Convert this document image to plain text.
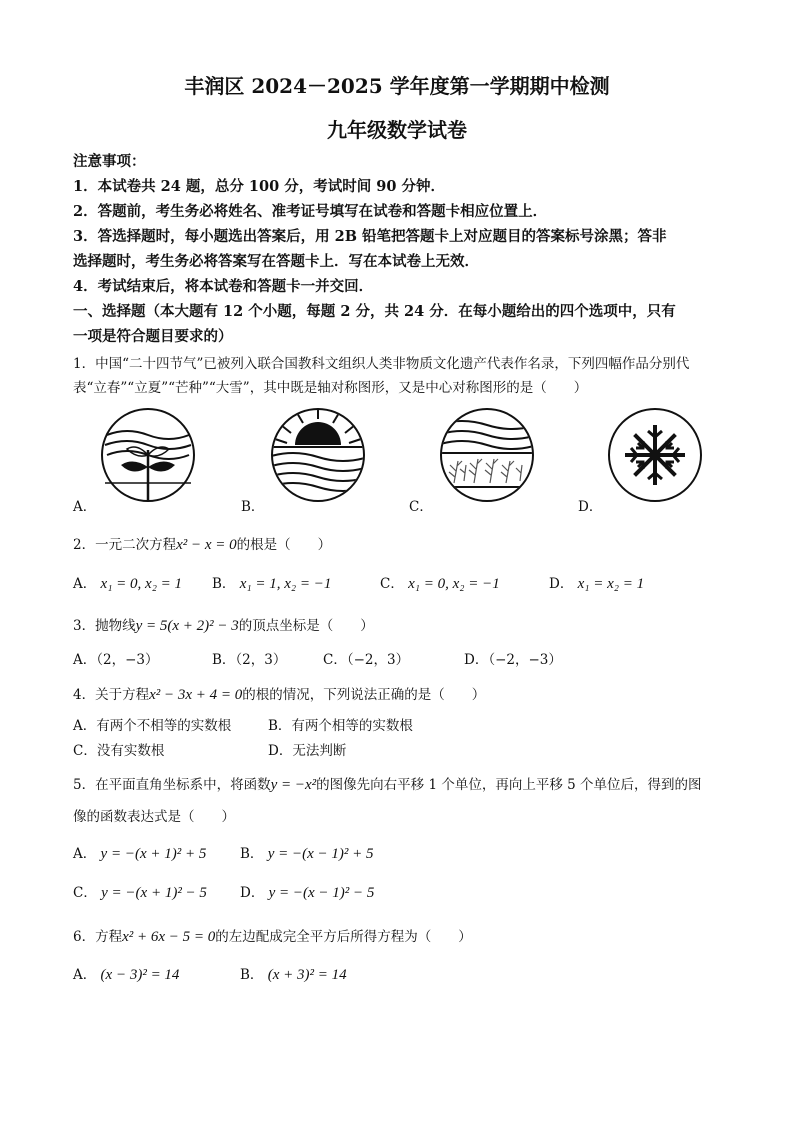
丰润区 2024－2025 学年度第一学期期中检测
九年级数学试卷
注意事项：
1．本试卷共 24 题，总分 100 分，考试时间 90 分钟．
2．答题前，考生务必将姓名、准考证号填写在试卷和答题卡相应位置上．
3．答选择题时，每小题选出答案后，用 2B 铅笔把答题卡上对应题目的答案标号涂黑；答非
选择题时，考生务必将答案写在答题卡上．写在本试卷上无效．
4．考试结束后，将本试卷和答题卡一并交回．
一、选择题（本大题有 12 个小题，每题 2 分，共 24 分．在每小题给出的四个选项中，只有
一项是符合题目要求的）
1．中国“二十四节气”已被列入联合国教科文组织人类非物质文化遗产代表作名录，下列四幅作品分别代
表“立春”“立夏”“芒种”“大雪”，其中既是轴对称图形，又是中心对称图形的是（　　）
A．	B．	C．	D．
2．一元二次方程x² − x = 0的根是（　　）
A． x₁ = 0, x₂ = 1 B． x₁ = 1, x₂ = −1	C． x₁ = 0, x₂ = −1	D． x₁ = x₂ = 1
3．抛物线y = 5(x + 2)² − 3的顶点坐标是（　　）
A．（2，−3）	B．（2，3）	C．（−2，3）	D．（−2，−3）
4．关于方程x² − 3x + 4 = 0的根的情况，下列说法正确的是（　　）
A．有两个不相等的实数根	B．有两个相等的实数根
C．没有实数根	D．无法判断
5．在平面直角坐标系中，将函数y = −x²的图像先向右平移 1 个单位，再向上平移 5 个单位后，得到的图
像的函数表达式是（　　）
A． y = −(x + 1)² + 5 B． y = −(x − 1)² + 5
C． y = −(x + 1)² − 5 D． y = −(x − 1)² − 5
6．方程x² + 6x − 5 = 0的左边配成完全平方后所得方程为（　　）
A． (x − 3)² = 14	B． (x + 3)² = 14
